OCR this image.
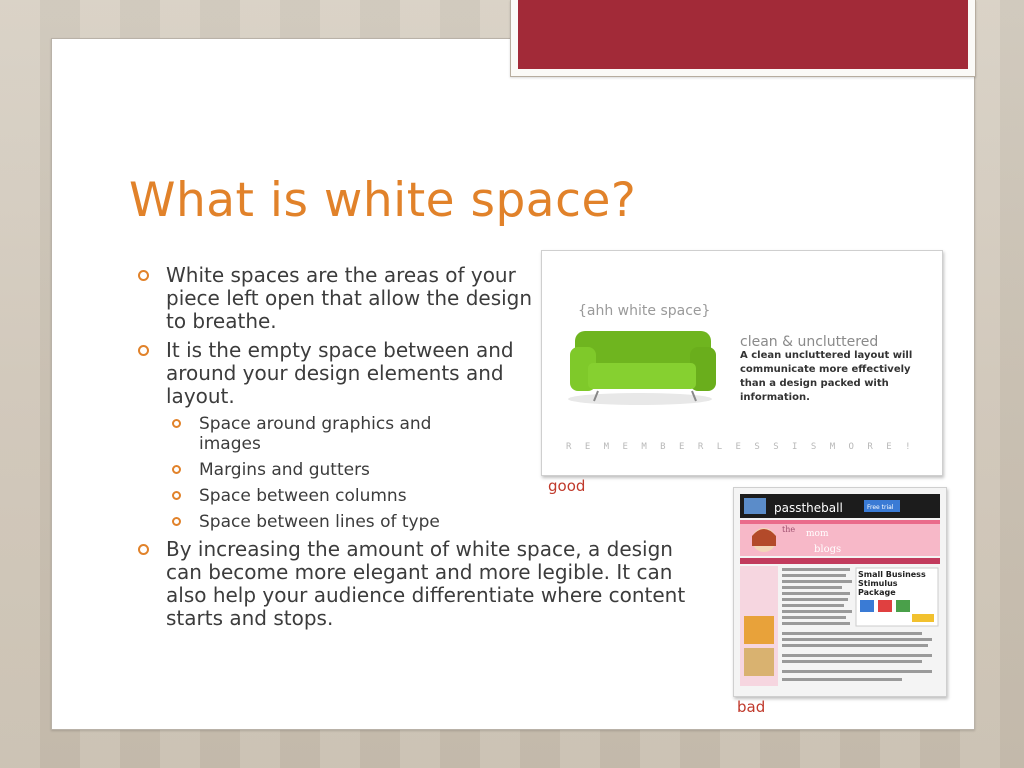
What is white space?
White spaces are the areas of your piece left open that allow the design to breathe.
It is the empty space between and around your design elements and layout.
Space around graphics and images
Margins and gutters
Space between columns
Space between lines of type
By increasing the amount of white space, a design can become more elegant and more legible. It can also help your audience differentiate where content starts and stops.
{ahh white space}
clean & uncluttered
A clean uncluttered layout will communicate more effectively than a design packed with information.
R E M E M B E R L E S S I S M O R E !
good
passtheball	Free trial
the mom
blogs
Small Business Stimulus Package
bad
